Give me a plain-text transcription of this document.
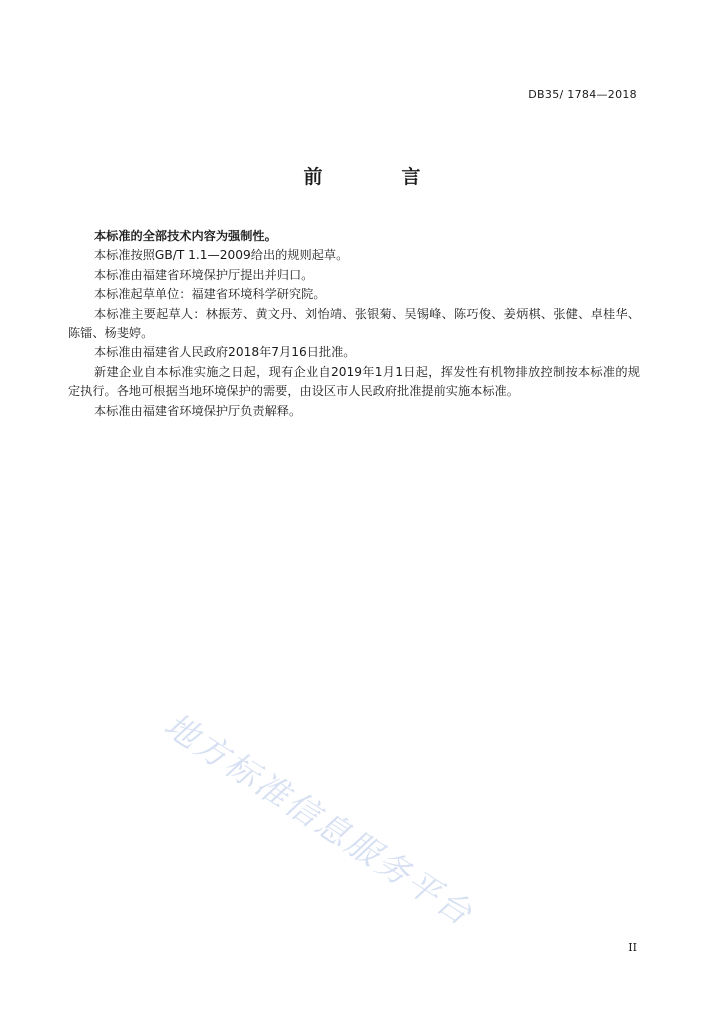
DB35/ 1784—2018
前　言

本标准的全部技术内容为强制性。

本标准按照GB/T 1.1—2009给出的规则起草。

本标准由福建省环境保护厅提出并归口。

本标准起草单位：福建省环境科学研究院。

本标准主要起草人：林振芳、黄文丹、刘怡靖、张银菊、吴锡峰、陈巧俊、姜炳棋、张健、卓桂华、陈镭、杨斐婷。

本标准由福建省人民政府2018年7月16日批准。

新建企业自本标准实施之日起，现有企业自2019年1月1日起，挥发性有机物排放控制按本标准的规定执行。各地可根据当地环境保护的需要，由设区市人民政府批准提前实施本标准。

本标准由福建省环境保护厅负责解释。

地方标准信息服务平台
II
